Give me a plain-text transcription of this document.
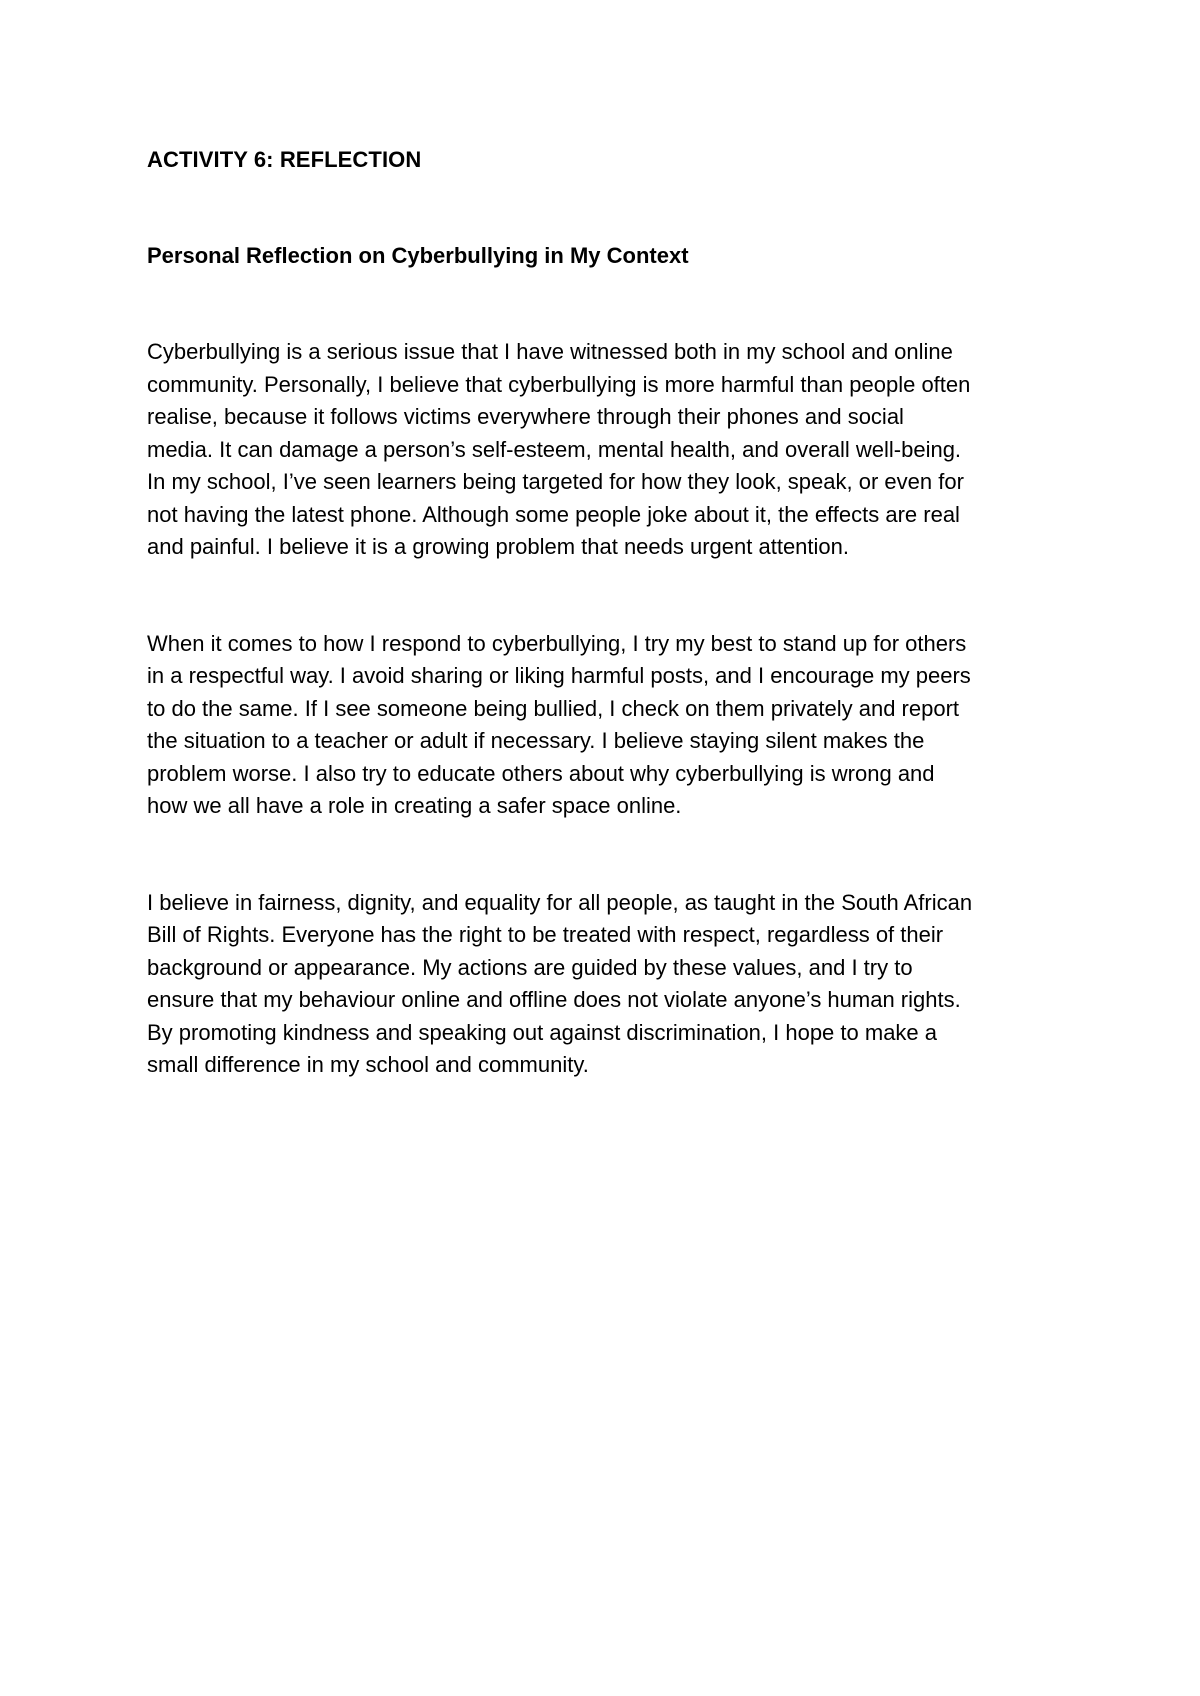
ACTIVITY 6: REFLECTION
Personal Reflection on Cyberbullying in My Context

Cyberbullying is a serious issue that I have witnessed both in my school and online
community. Personally, I believe that cyberbullying is more harmful than people often
realise, because it follows victims everywhere through their phones and social
media. It can damage a person’s self-esteem, mental health, and overall well-being.
In my school, I’ve seen learners being targeted for how they look, speak, or even for
not having the latest phone. Although some people joke about it, the effects are real
and painful. I believe it is a growing problem that needs urgent attention.

When it comes to how I respond to cyberbullying, I try my best to stand up for others
in a respectful way. I avoid sharing or liking harmful posts, and I encourage my peers
to do the same. If I see someone being bullied, I check on them privately and report
the situation to a teacher or adult if necessary. I believe staying silent makes the
problem worse. I also try to educate others about why cyberbullying is wrong and
how we all have a role in creating a safer space online.

I believe in fairness, dignity, and equality for all people, as taught in the South African
Bill of Rights. Everyone has the right to be treated with respect, regardless of their
background or appearance. My actions are guided by these values, and I try to
ensure that my behaviour online and offline does not violate anyone’s human rights.
By promoting kindness and speaking out against discrimination, I hope to make a
small difference in my school and community.
